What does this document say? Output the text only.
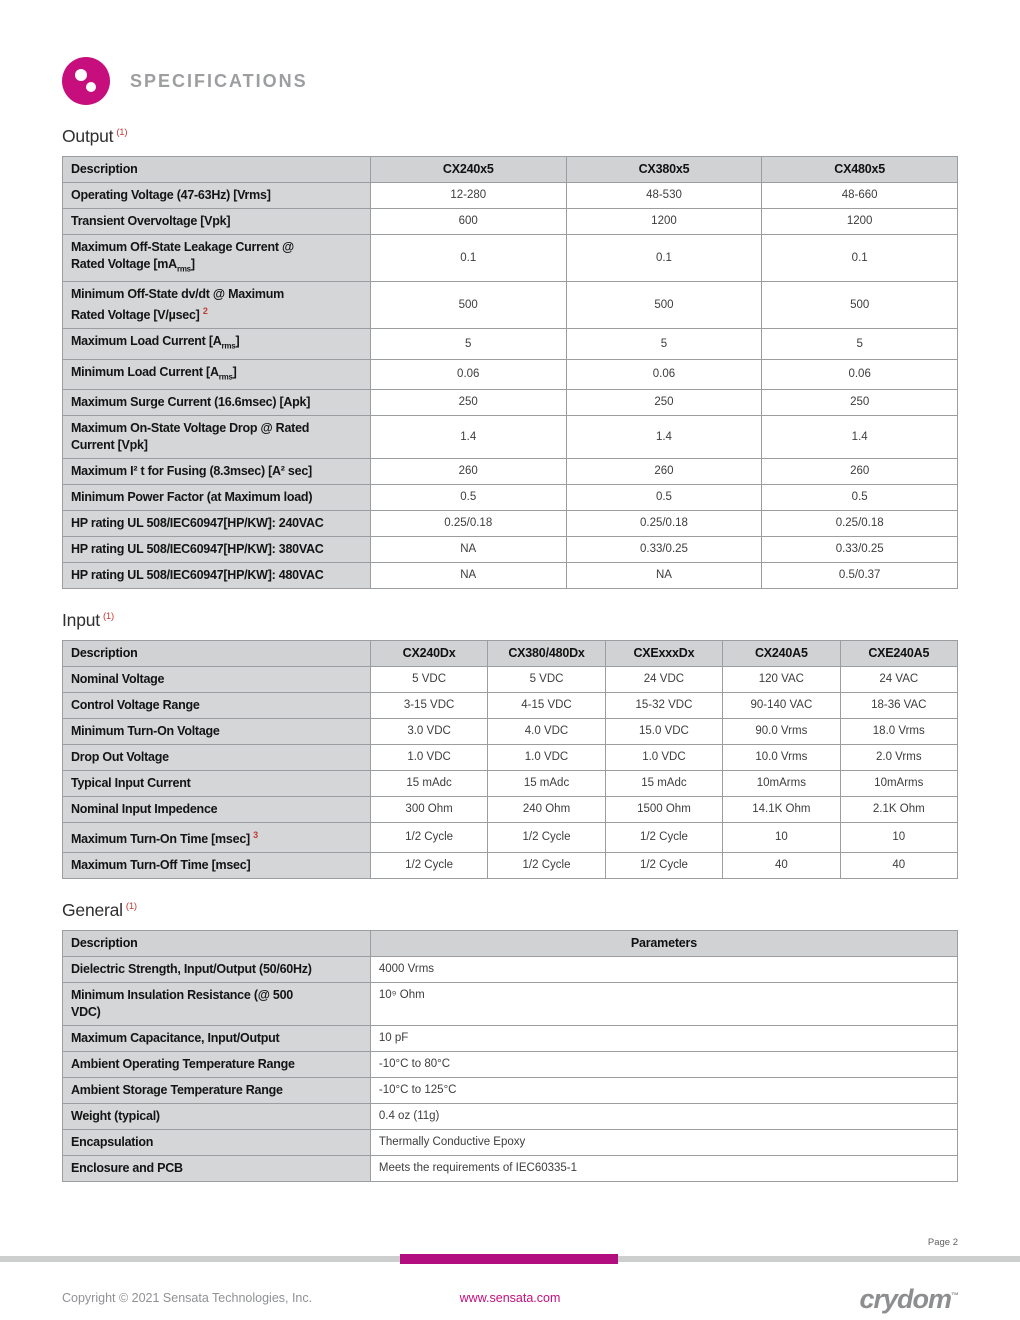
SPECIFICATIONS
Output $^{(1)}$
Description	CX240x5	CX380x5	CX480x5
Operating Voltage (47-63Hz) [Vrms]	12-280	48-530	48-660
Transient Overvoltage [Vpk]	600	1200	1200
Maximum Off-State Leakage Current @
Rated Voltage $[mA_{rms}]$	0.1	0.1	0.1
Minimum Off-State dv/dt @ Maximum
Rated Voltage [V/µsec] $^2$	500	500	500
Maximum Load Current $[A_{rms}]$	5	5	5
Minimum Load Current $[A_{rms}]$	0.06	0.06	0.06
Maximum Surge Current (16.6msec) [Apk]	250	250	250
Maximum On-State Voltage Drop @ Rated
Current [Vpk]	1.4	1.4	1.4
Maximum I² t for Fusing (8.3msec) [A² sec]	260	260	260
Minimum Power Factor (at Maximum load)	0.5	0.5	0.5
HP rating UL 508/IEC60947[HP/KW]: 240VAC	0.25/0.18	0.25/0.18	0.25/0.18
HP rating UL 508/IEC60947[HP/KW]: 380VAC	NA	0.33/0.25	0.33/0.25
HP rating UL 508/IEC60947[HP/KW]: 480VAC	NA	NA	0.5/0.37
Input $^{(1)}$
Description	CX240Dx	CX380/480Dx	CXExxxDx	CX240A5	CXE240A5
Nominal Voltage	5 VDC	5 VDC	24 VDC	120 VAC	24 VAC
Control Voltage Range	3-15 VDC	4-15 VDC	15-32 VDC	90-140 VAC	18-36 VAC
Minimum Turn-On Voltage	3.0 VDC	4.0 VDC	15.0 VDC	90.0 Vrms	18.0 Vrms
Drop Out Voltage	1.0 VDC	1.0 VDC	1.0 VDC	10.0 Vrms	2.0 Vrms
Typical Input Current	15 mAdc	15 mAdc	15 mAdc	10mArms	10mArms
Nominal Input Impedence	300 Ohm	240 Ohm	1500 Ohm	14.1K Ohm	2.1K Ohm
Maximum Turn-On Time [msec] $^3$	1/2 Cycle	1/2 Cycle	1/2 Cycle	10	10
Maximum Turn-Off Time [msec]	1/2 Cycle	1/2 Cycle	1/2 Cycle	40	40
General $^{(1)}$
Description	Parameters
Dielectric Strength, Input/Output (50/60Hz)	4000 Vrms
Minimum Insulation Resistance (@ 500
VDC)	10⁹ Ohm
Maximum Capacitance, Input/Output	10 pF
Ambient Operating Temperature Range	-10°C to 80°C
Ambient Storage Temperature Range	-10°C to 125°C
Weight (typical)	0.4 oz (11g)
Encapsulation	Thermally Conductive Epoxy
Enclosure and PCB	Meets the requirements of IEC60335-1
Page 2
Copyright © 2021 Sensata Technologies, Inc.	www.sensata.com	crydom™
